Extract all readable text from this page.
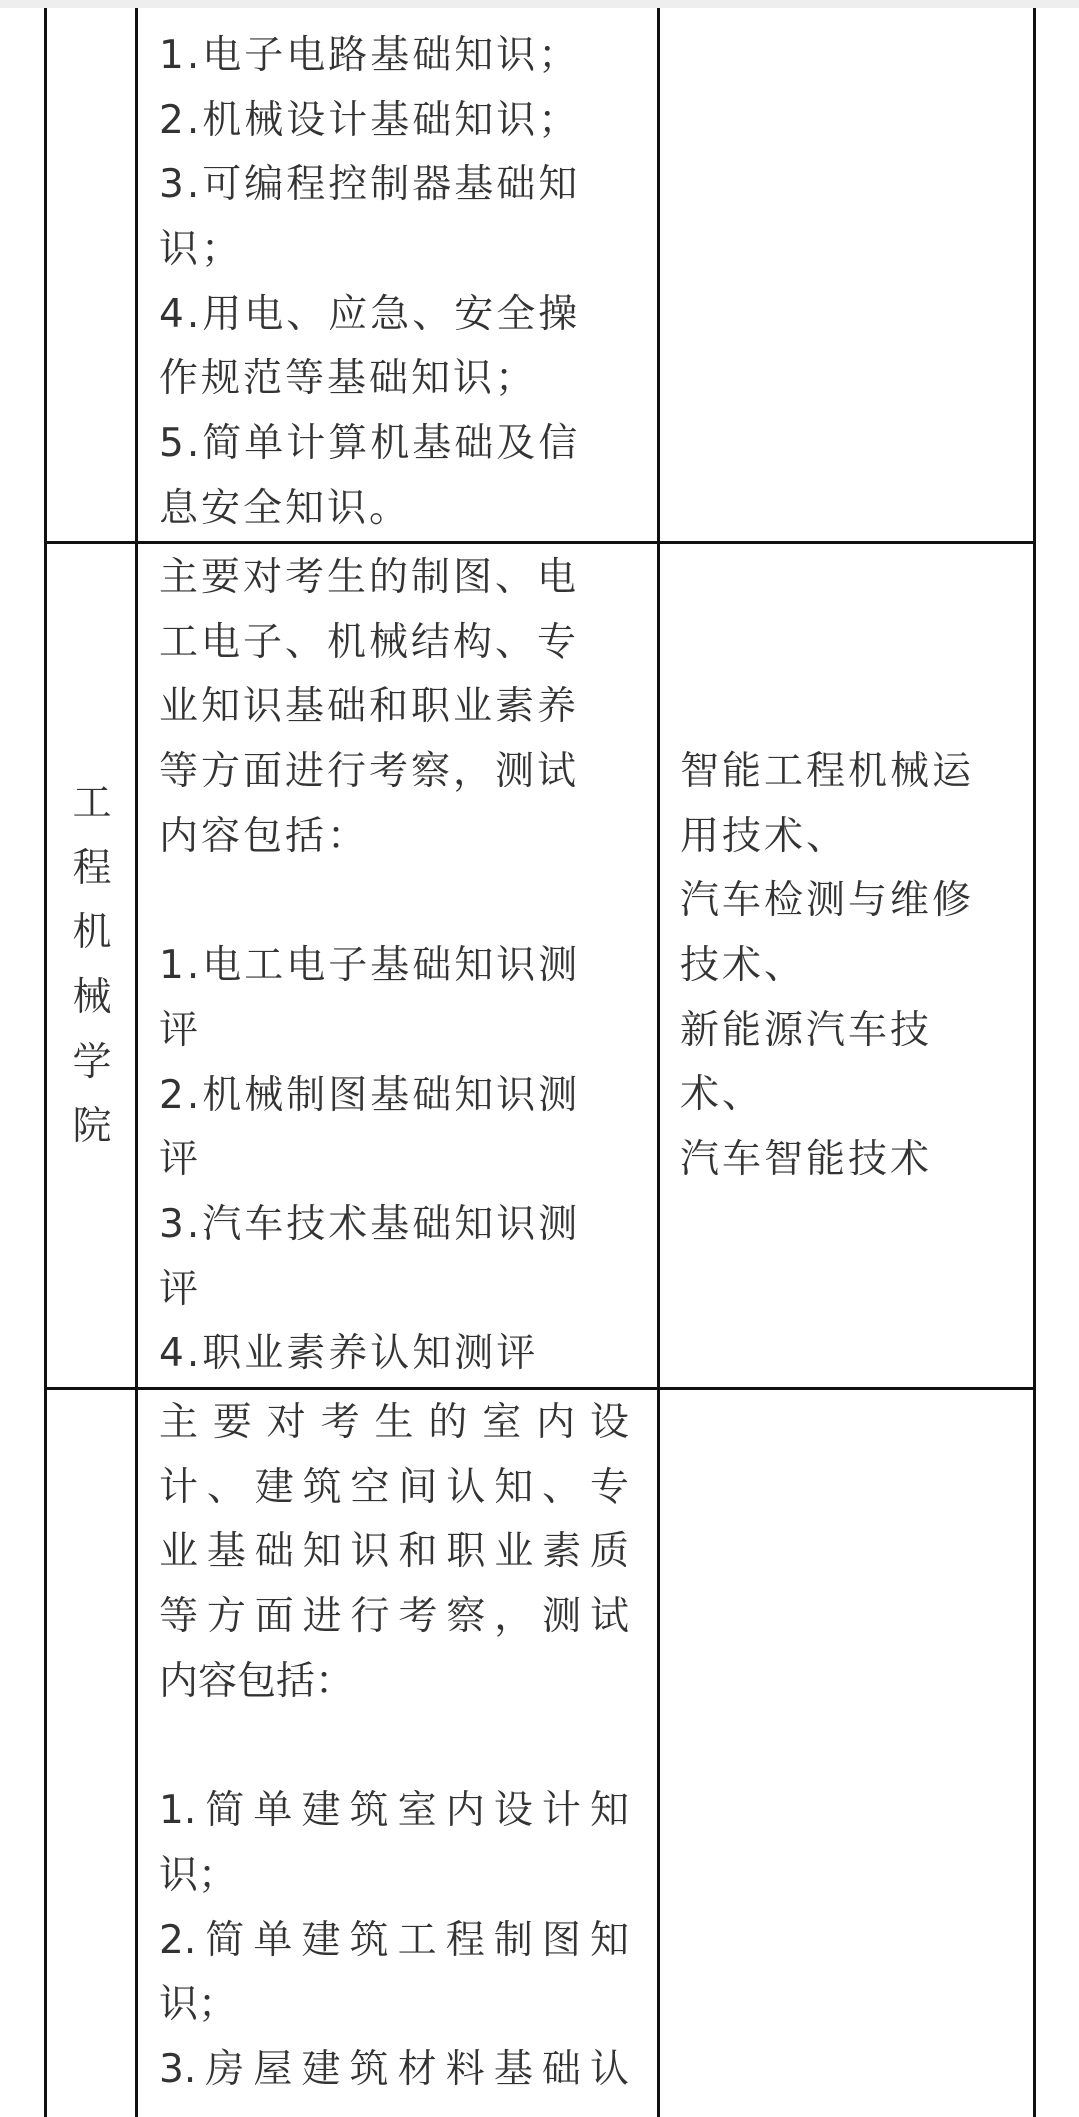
1.电子电路基础知识；
2.机械设计基础知识；
3.可编程控制器基础知
识；
4.用电、应急、安全操
作规范等基础知识；
5.简单计算机基础及信
息安全知识。
主要对考生的制图、电
工电子、机械结构、专
业知识基础和职业素养
等方面进行考察，测试
内容包括：
1.电工电子基础知识测
评
2.机械制图基础知识测
评
3.汽车技术基础知识测
评
4.职业素养认知测评
工
程
机
械
学
院
智能工程机械运
用技术、
汽车检测与维修
技术、
新能源汽车技
术、
汽车智能技术
主要对考生的室内设
计、建筑空间认知、专
业基础知识和职业素质
等方面进行考察，测试
内容包括：
1.简单建筑室内设计知
识；
2.简单建筑工程制图知
识；
3.房屋建筑材料基础认
